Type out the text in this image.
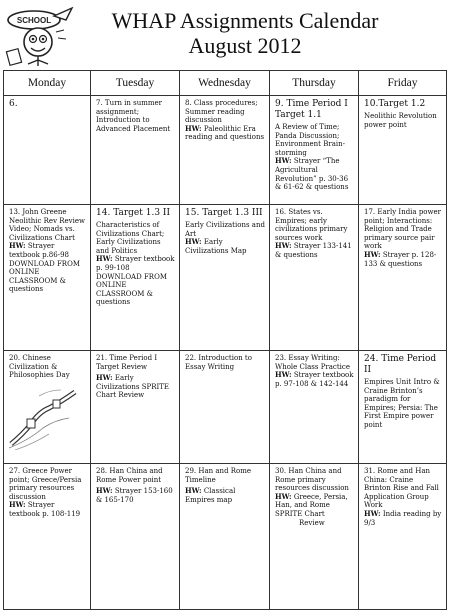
SCHOOL	WHAP Assignments Calendar
August 2012
Monday	Tuesday	Wednesday	Thursday	Friday

6.	7. Turn in summer assignment; Introduction to Advanced Placement	8. Class procedures; Summer reading discussion
HW: Paleolithic Era reading and questions	9. Time Period I Target 1.1
A Review of Time; Panda Discussion; Environment Brain-storming
HW: Strayer “The Agricultural Revolution” p. 30-36 & 61-62 & questions	10.Target 1.2
Neolithic Revolution power point

13. John Greene Neolithic Rev Review Video; Nomads vs. Civilizations Chart
HW: Strayer textbook p.86-98
DOWNLOAD FROM ONLINE CLASSROOM & questions	14. Target 1.3 II
Characteristics of Civilizations Chart; Early Civilizations and Politics
HW: Strayer textbook p. 99-108
DOWNLOAD FROM ONLINE CLASSROOM & questions	15. Target 1.3 III
Early Civilizations and Art
HW: Early Civilizations Map	16. States vs. Empires; early civilizations primary sources work
HW: Strayer 133-141 & questions	17. Early India power point; Interactions: Religion and Trade primary source pair work
HW: Strayer p. 128-133 & questions

20. Chinese Civilization & Philosophies Day	21. Time Period I Target Review
HW: Early Civilizations SPRITE Chart Review	22. Introduction to Essay Writing	23. Essay Writing: Whole Class Practice
HW: Strayer textbook p. 97-108 & 142-144	24. Time Period II
Empires Unit Intro & Craine Brinton’s paradigm for Empires; Persia: The First Empire power point

27. Greece Power point; Greece/Persia primary resources discussion
HW: Strayer textbook p. 108-119	28. Han China and Rome Power point
HW: Strayer 153-160 & 165-170	29. Han and Rome Timeline
HW: Classical Empires map	30. Han China and Rome primary resources discussion
HW: Greece, Persia, Han, and Rome SPRITE Chart
Review	31. Rome and Han China: Craine Brinton Rise and Fall Application Group Work
HW: India reading by 9/3
